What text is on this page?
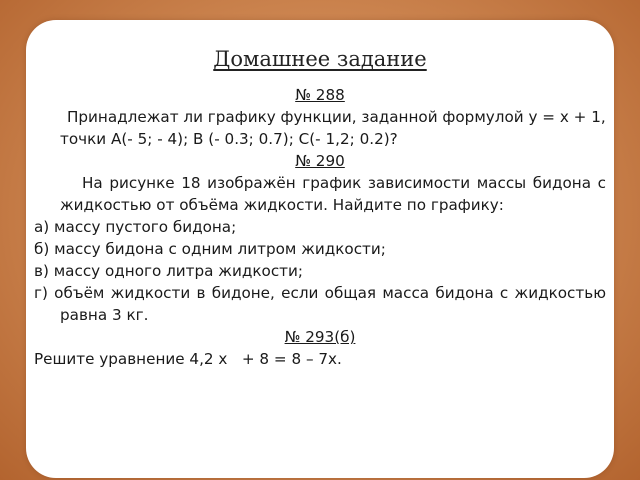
Домашнее задание

№ 288

Принадлежат ли графику функции, заданной формулой у = х + 1, точки А(- 5; - 4); В (- 0.3; 0.7); С(- 1,2; 0.2)?

№ 290

На рисунке 18 изображён график зависимости массы бидона с жидкостью от объёма жидкости. Найдите по графику:

а) массу пустого бидона;

б) массу бидона с одним литром жидкости;

в) массу одного литра жидкости;

г) объём жидкости в бидоне, если общая масса бидона с жидкостью равна 3 кг.

№ 293(б)

Решите уравнение 4,2 х   + 8 = 8 – 7х.
